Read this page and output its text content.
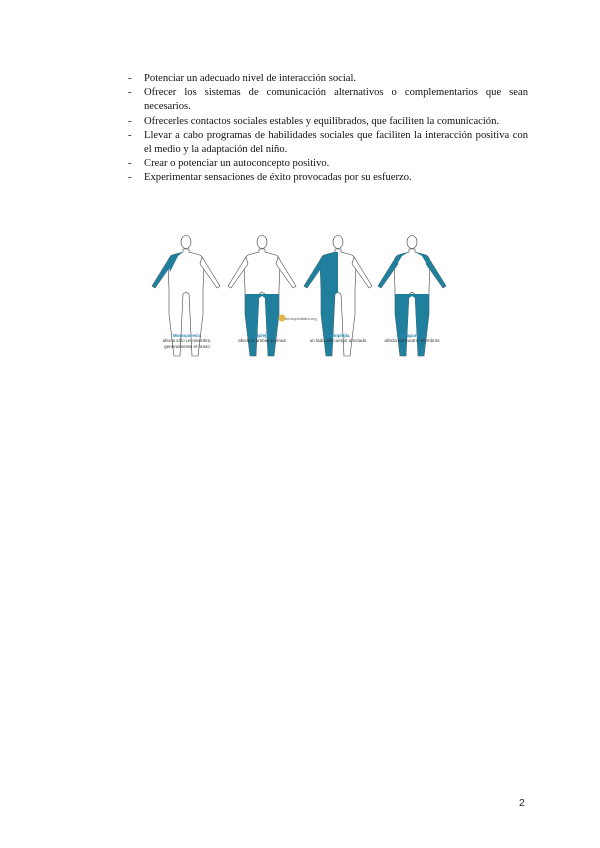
- Potenciar un adecuado nivel de interacción social.
- Ofrecer los sistemas de comunicación alternativos o complementarios que sean necesarios.
- Ofrecerles contactos sociales estables y equilibrados, que faciliten la comunicación.
- Llevar a cabo programas de habilidades sociales que faciliten la interacción positiva con el medio y la adaptación del niño.
- Crear o potenciar un autoconcepto positivo.
- Experimentar sensaciones de éxito provocadas por su esfuerzo.
neuropediatra.org
Monoparesia
afecta sólo un miembro, generalmente el brazo
Diplejía
afecta a ambas piernas
Hemiplejía
un lado del cuerpo afectado
Tetraparesia
afecta los cuatro miembros
2
